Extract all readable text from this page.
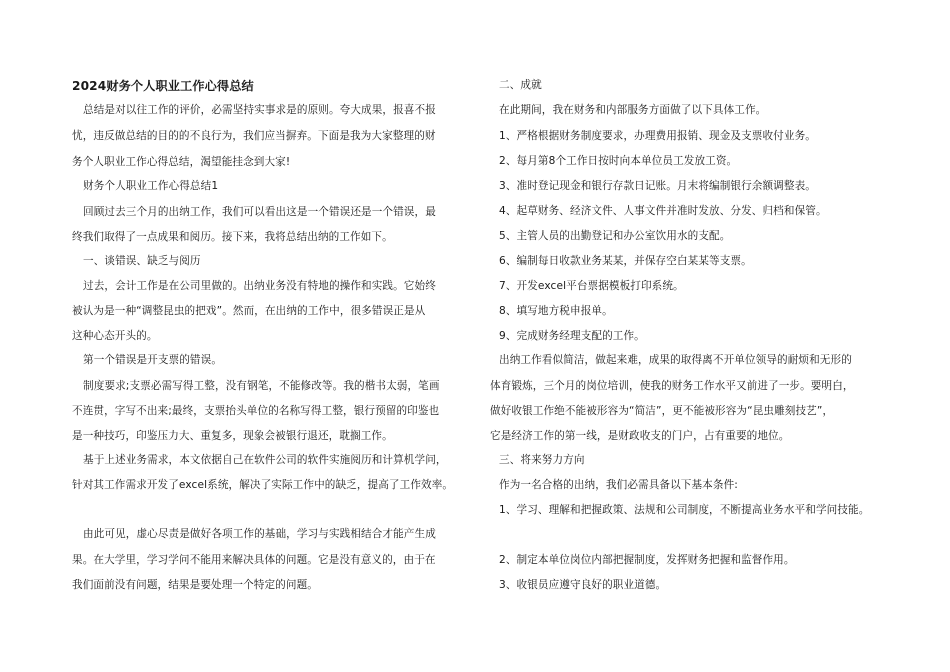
2024财务个人职业工作心得总结
总结是对以往工作的评价，必需坚持实事求是的原则。夸大成果，报喜不报
忧，违反做总结的目的的不良行为，我们应当摒弃。下面是我为大家整理的财
务个人职业工作心得总结，渴望能挂念到大家!
财务个人职业工作心得总结1
回顾过去三个月的出纳工作，我们可以看出这是一个错误还是一个错误，最
终我们取得了一点成果和阅历。接下来，我将总结出纳的工作如下。
一、谈错误、缺乏与阅历
过去，会计工作是在公司里做的。出纳业务没有特地的操作和实践。它始终
被认为是一种“调整昆虫的把戏”。然而，在出纳的工作中，很多错误正是从
这种心态开头的。
第一个错误是开支票的错误。
制度要求;支票必需写得工整，没有钢笔，不能修改等。我的楷书太弱，笔画
不连贯，字写不出来;最终，支票抬头单位的名称写得工整，银行预留的印鉴也
是一种技巧，印鉴压力大、重复多，现象会被银行退还，耽搁工作。
基于上述业务需求，本文依据自己在软件公司的软件实施阅历和计算机学问，
针对其工作需求开发了excel系统，解决了实际工作中的缺乏，提高了工作效率。
由此可见，虚心尽责是做好各项工作的基础，学习与实践相结合才能产生成
果。在大学里，学习学问不能用来解决具体的问题。它是没有意义的，由于在
我们面前没有问题，结果是要处理一个特定的问题。
二、成就
在此期间，我在财务和内部服务方面做了以下具体工作。
1、严格根据财务制度要求，办理费用报销、现金及支票收付业务。
2、每月第8个工作日按时向本单位员工发放工资。
3、准时登记现金和银行存款日记账。月末将编制银行余额调整表。
4、起草财务、经济文件、人事文件并准时发放、分发、归档和保管。
5、主管人员的出勤登记和办公室饮用水的支配。
6、编制每日收款业务某某，并保存空白某某等支票。
7、开发excel平台票据模板打印系统。
8、填写地方税申报单。
9、完成财务经理支配的工作。
出纳工作看似简洁，做起来难，成果的取得离不开单位领导的耐烦和无形的
体育锻炼，三个月的岗位培训，使我的财务工作水平又前进了一步。要明白，
做好收银工作绝不能被形容为“简洁”，更不能被形容为“昆虫雕刻技艺”，
它是经济工作的第一线，是财政收支的门户，占有重要的地位。
三、将来努力方向
作为一名合格的出纳，我们必需具备以下基本条件:
1、学习、理解和把握政策、法规和公司制度，不断提高业务水平和学问技能。
2、制定本单位岗位内部把握制度，发挥财务把握和监督作用。
3、收银员应遵守良好的职业道德。
